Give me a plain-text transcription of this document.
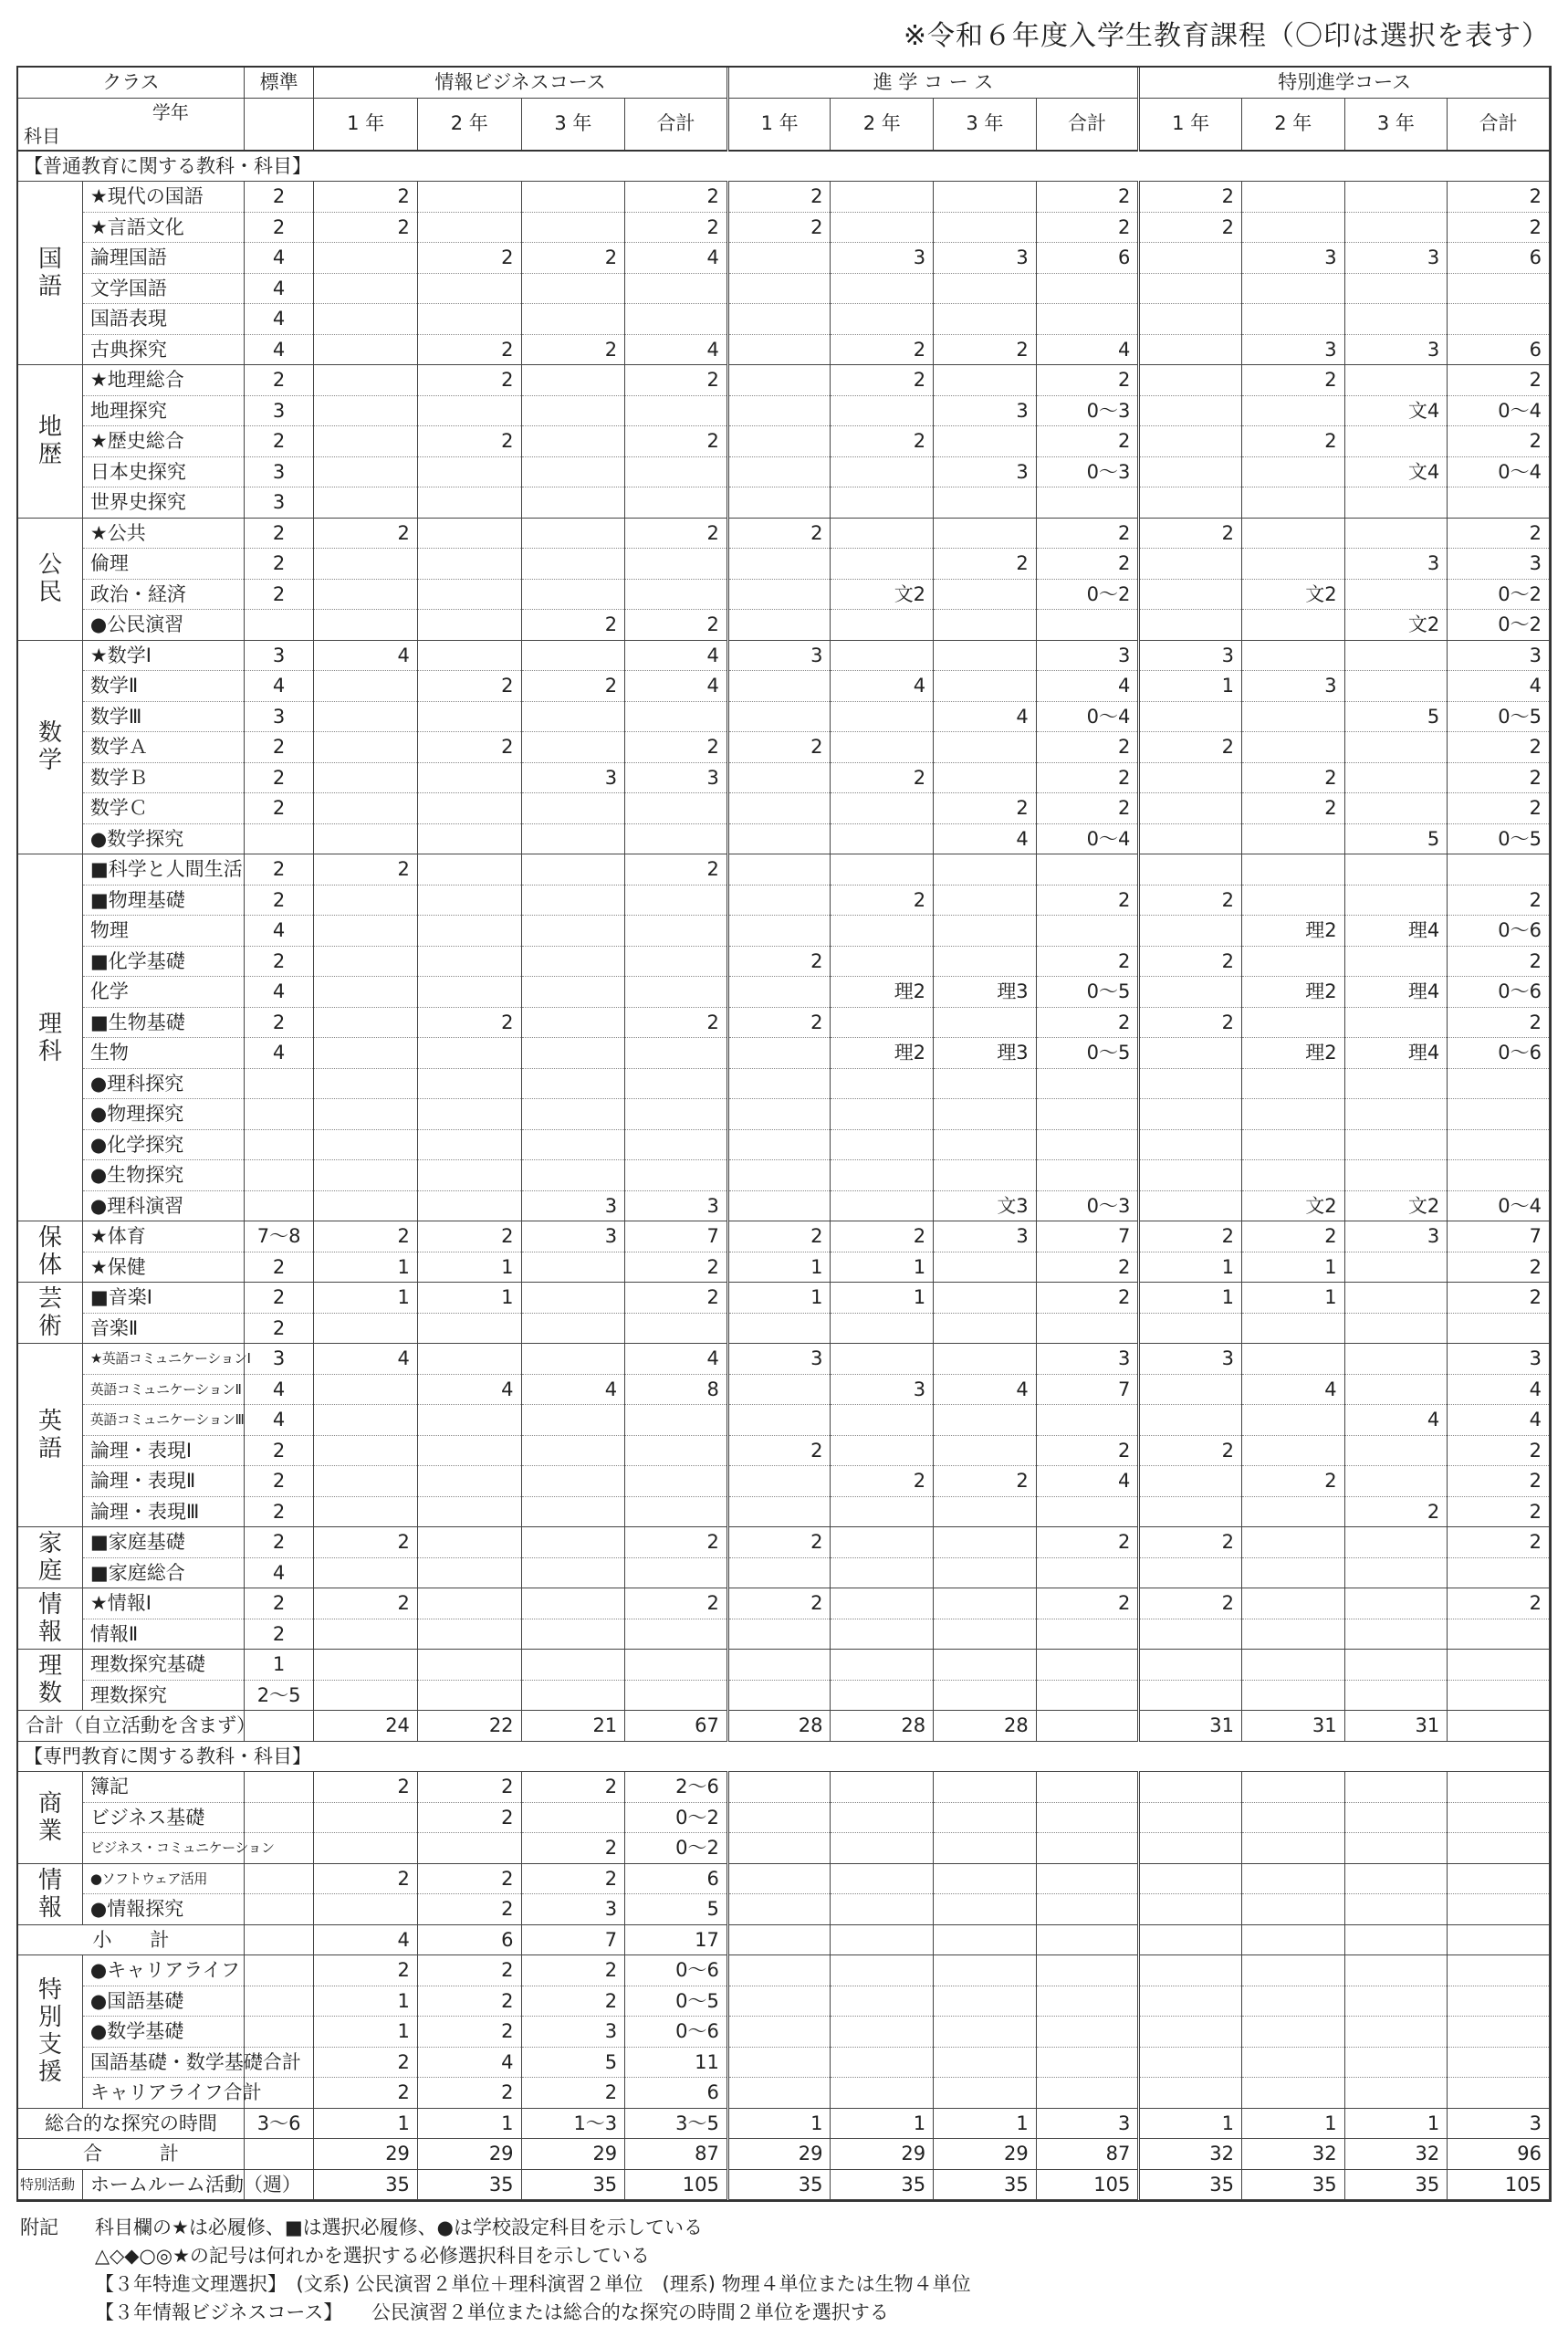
※令和６年度入学生教育課程（〇印は選択を表す）
クラス		標準	情報ビジネスコース				進 学 コ ー ス				特別進学コース			

学年
科目			1 年	2 年	3 年	合計	1 年	2 年	3 年	合計	1 年	2 年	3 年	合計
【普通教育に関する教科・科目】														

国
語	★現代の国語	2	2			2	2			2	2			2
	★言語文化	2	2			2	2			2	2			2
	論理国語	4		2	2	4		3	3	6		3	3	6
	文学国語	4												
	国語表現	4												
	古典探究	4		2	2	4		2	2	4		3	3	6

地
歴	★地理総合	2		2		2		2		2		2		2
	地理探究	3							3	0～3			文4	0～4
	★歴史総合	2		2		2		2		2		2		2
	日本史探究	3							3	0～3			文4	0～4
	世界史探究	3												

公
民	★公共	2	2			2	2			2	2			2
	倫理	2							2	2			3	3
	政治・経済	2						文2		0～2		文2		0～2
	●公民演習				2	2							文2	0～2

数
学	★数学Ⅰ	3	4			4	3			3	3			3
	数学Ⅱ	4		2	2	4		4		4	1	3		4
	数学Ⅲ	3							4	0～4			5	0～5
	数学Ａ	2		2		2	2			2	2			2
	数学Ｂ	2			3	3		2		2		2		2
	数学Ｃ	2							2	2		2		2
	●数学探究								4	0～4			5	0～5

理
科	■科学と人間生活	2	2			2								
	■物理基礎	2						2		2	2			2
	物理	4										理2	理4	0～6
	■化学基礎	2					2			2	2			2
	化学	4						理2	理3	0～5		理2	理4	0～6
	■生物基礎	2		2		2	2			2	2			2
	生物	4						理2	理3	0～5		理2	理4	0～6
	●理科探究													
	●物理探究													
	●化学探究													
	●生物探究													
	●理科演習				3	3			文3	0～3		文2	文2	0～4

保
体	★体育	7～8	2	2	3	7	2	2	3	7	2	2	3	7
	★保健	2	1	1		2	1	1		2	1	1		2

芸
術	■音楽Ⅰ	2	1	1		2	1	1		2	1	1		2
	音楽Ⅱ	2												

英
語	★英語コミュニケーションⅠ	3	4			4	3			3	3			3
	英語コミュニケーションⅡ	4		4	4	8		3	4	7		4		4
	英語コミュニケーションⅢ	4											4	4
	論理・表現Ⅰ	2					2			2	2			2
	論理・表現Ⅱ	2						2	2	4		2		2
	論理・表現Ⅲ	2											2	2

家
庭	■家庭基礎	2	2			2	2			2	2			2
	■家庭総合	4												

情
報	★情報Ⅰ	2	2			2	2			2	2			2
	情報Ⅱ	2												

理
数	理数探究基礎	1												
	理数探究	2～5												
合計（自立活動を含まず）			24	22	21	67	28	28	28		31	31	31	
【専門教育に関する教科・科目】														

商
業	簿記		2	2	2	2～6								
	ビジネス基礎			2		0～2								
	ビジネス・コミュニケーション				2	0～2								

情
報	●ソフトウェア活用		2	2	2	6								
	●情報探究			2	3	5								
小　　計			4	6	7	17								

特
別
支
援	●キャリアライフ		2	2	2	0～6								
	●国語基礎		1	2	2	0～5								
	●数学基礎		1	2	3	0～6								
	国語基礎・数学基礎合計		2	4	5	11								
	キャリアライフ合計		2	2	2	6								
総合的な探究の時間		3～6	1	1	1～3	3～5	1	1	1	3	1	1	1	3
合　　　計			29	29	29	87	29	29	29	87	32	32	32	96
特別活動	ホームルーム活動（週）		35	35	35	105	35	35	35	105	35	35	35	105
附記	科目欄の★は必履修、■は選択必履修、●は学校設定科目を示している
△◇◆○◎★の記号は何れかを選択する必修選択科目を示している
【３年特進文理選択】　(文系) 公民演習２単位＋理科演習２単位　(理系) 物理４単位または生物４単位
【３年情報ビジネスコース】　　公民演習２単位または総合的な探究の時間２単位を選択する
